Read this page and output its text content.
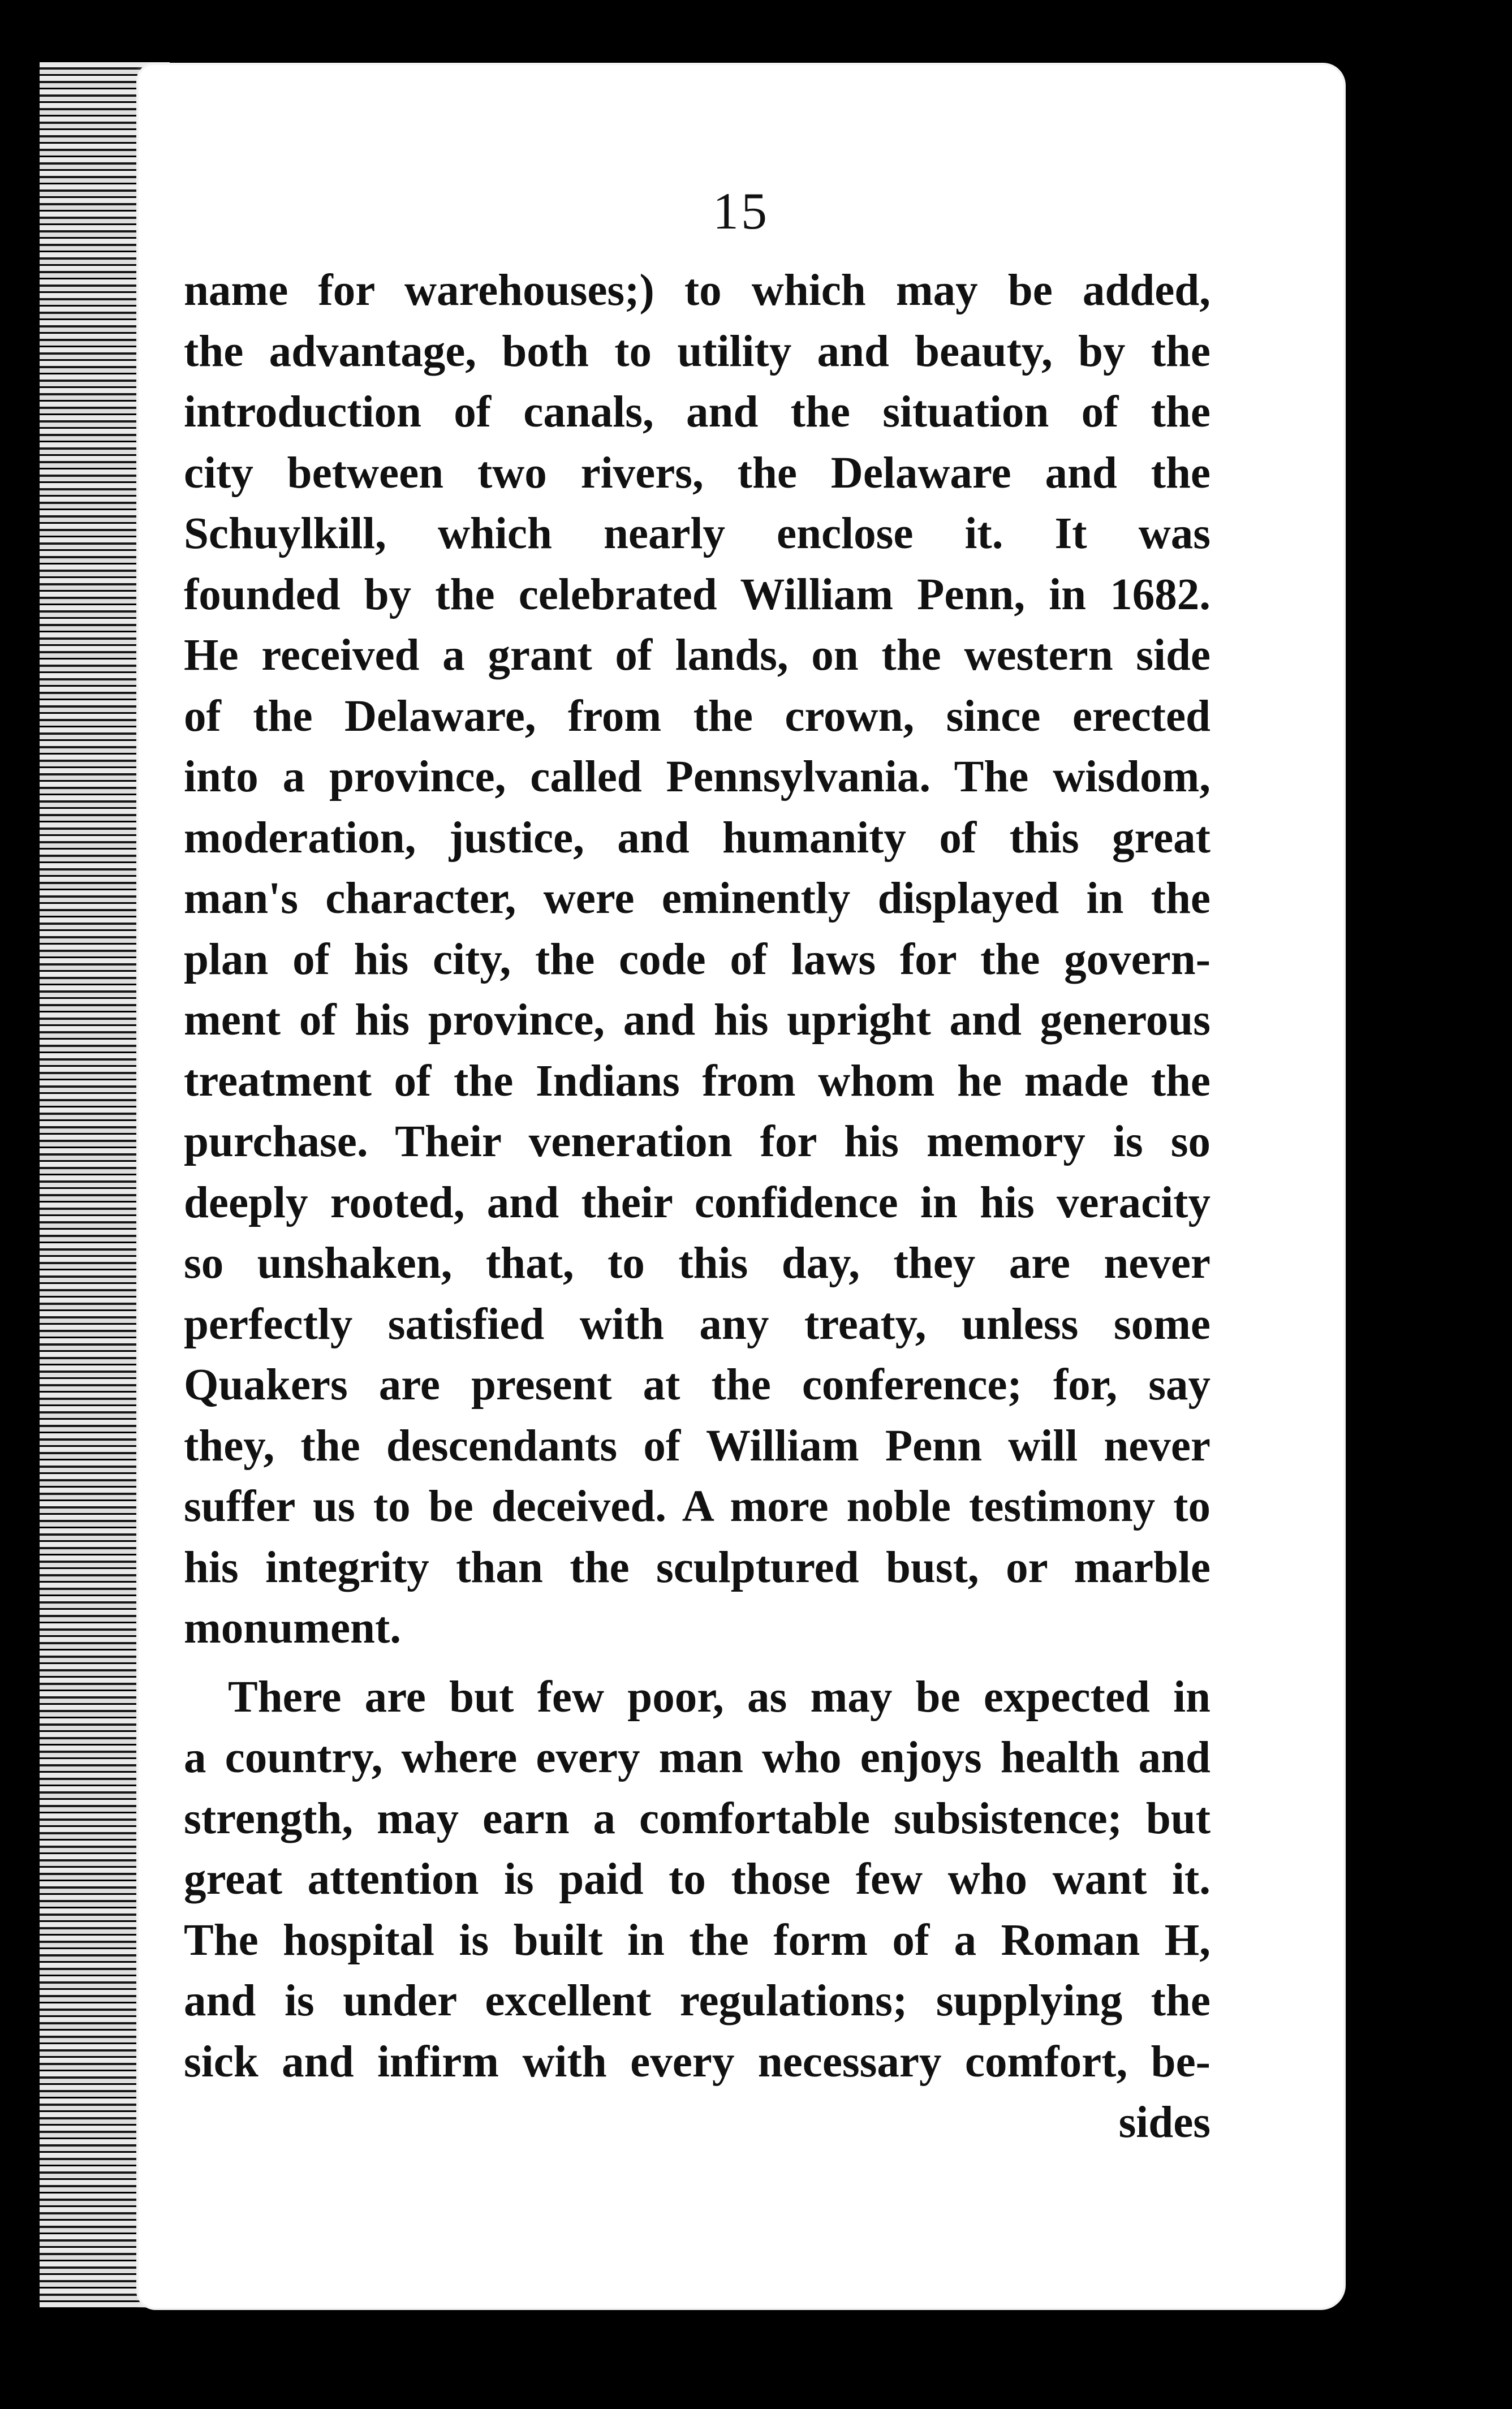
15
name for warehouses;) to which may be added,
the advantage, both to utility and beauty, by the
introduction of canals, and the situation of the
city between two rivers, the Delaware and the
Schuylkill, which nearly enclose it. It was
founded by the celebrated William Penn, in 1682.
He received a grant of lands, on the western side
of the Delaware, from the crown, since erected
into a province, called Pennsylvania. The wisdom,
moderation, justice, and humanity of this great
man's character, were eminently displayed in the
plan of his city, the code of laws for the govern-
ment of his province, and his upright and generous
treatment of the Indians from whom he made the
purchase. Their veneration for his memory is so
deeply rooted, and their confidence in his veracity
so unshaken, that, to this day, they are never
perfectly satisfied with any treaty, unless some
Quakers are present at the conference; for, say
they, the descendants of William Penn will never
suffer us to be deceived. A more noble testimony to
his integrity than the sculptured bust, or marble
monument.
There are but few poor, as may be expected in
a country, where every man who enjoys health and
strength, may earn a comfortable subsistence; but
great attention is paid to those few who want it.
The hospital is built in the form of a Roman H,
and is under excellent regulations; supplying the
sick and infirm with every necessary comfort, be-
sides
